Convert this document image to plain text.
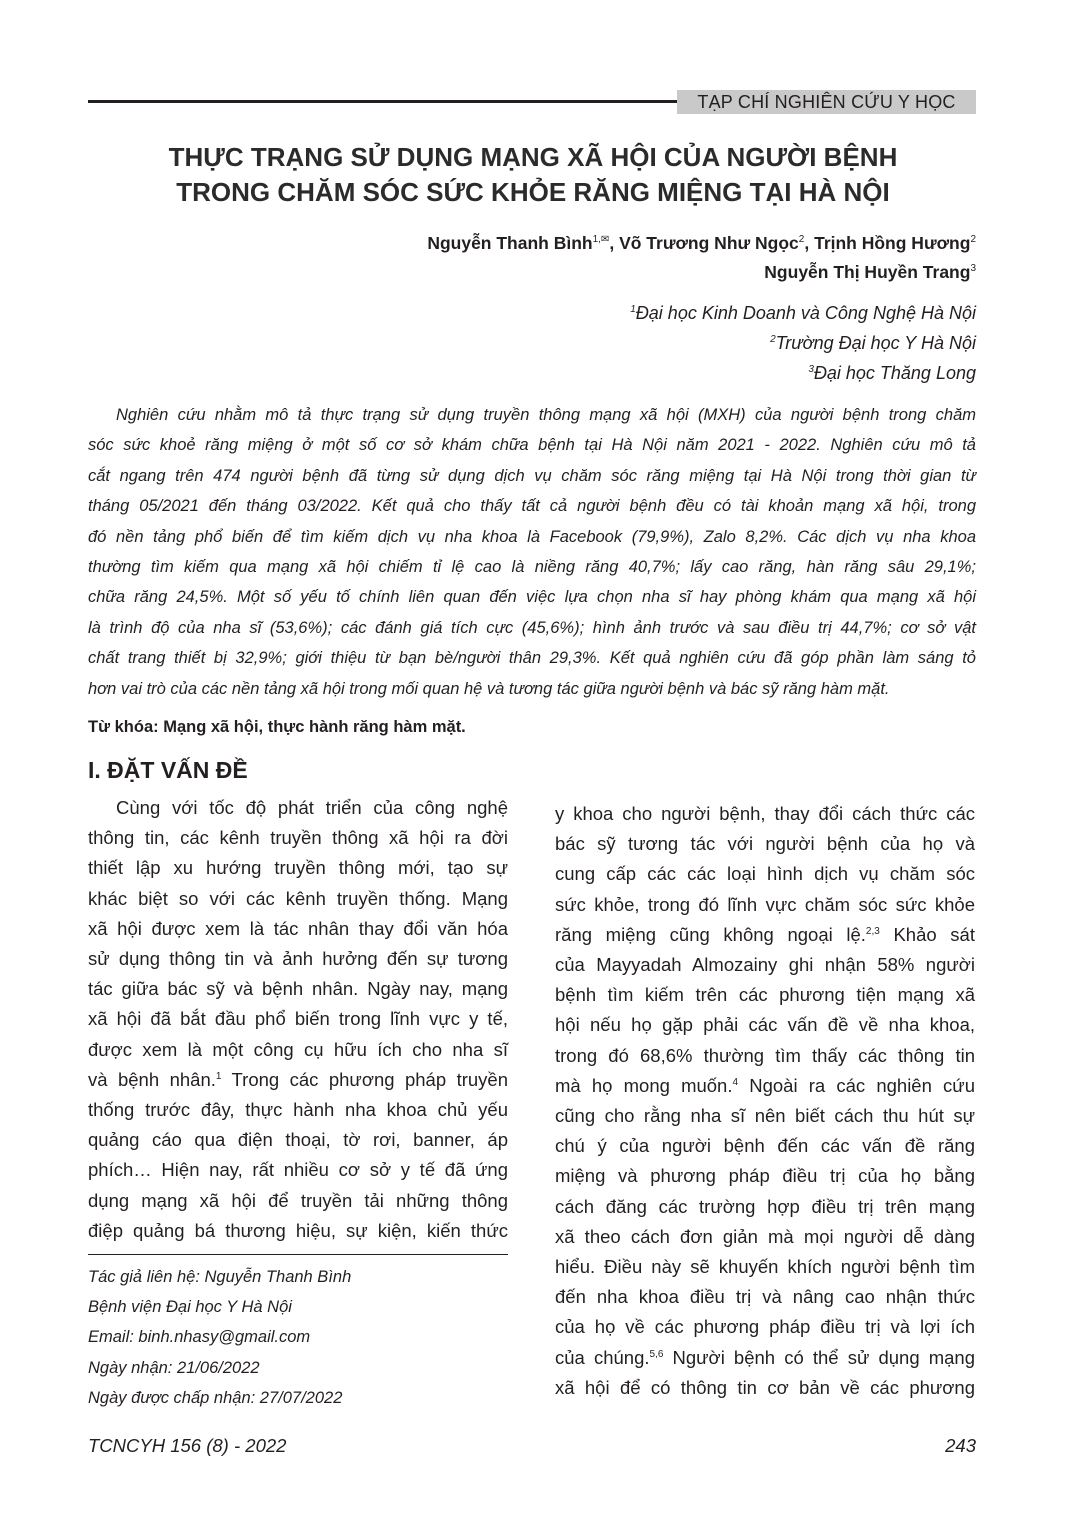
TẠP CHÍ NGHIÊN CỨU Y HỌC
THỰC TRẠNG SỬ DỤNG MẠNG XÃ HỘI CỦA NGƯỜI BỆNH
TRONG CHĂM SÓC SỨC KHỎE RĂNG MIỆNG TẠI HÀ NỘI
Nguyễn Thanh Bình$^{1,✉}$, Võ Trương Như Ngọc$^2$, Trịnh Hồng Hương$^2$
Nguyễn Thị Huyền Trang$^3$
$^1$Đại học Kinh Doanh và Công Nghệ Hà Nội
$^2$Trường Đại học Y Hà Nội
$^3$Đại học Thăng Long
Nghiên cứu nhằm mô tả thực trạng sử dụng truyền thông mạng xã hội (MXH) của người bệnh trong chăm
sóc sức khoẻ răng miệng ở một số cơ sở khám chữa bệnh tại Hà Nội năm 2021 - 2022. Nghiên cứu mô tả
cắt ngang trên 474 người bệnh đã từng sử dụng dịch vụ chăm sóc răng miệng tại Hà Nội trong thời gian từ
tháng 05/2021 đến tháng 03/2022. Kết quả cho thấy tất cả người bệnh đều có tài khoản mạng xã hội, trong
đó nền tảng phổ biến để tìm kiếm dịch vụ nha khoa là Facebook (79,9%), Zalo 8,2%. Các dịch vụ nha khoa
thường tìm kiếm qua mạng xã hội chiếm tỉ lệ cao là niềng răng 40,7%; lấy cao răng, hàn răng sâu 29,1%;
chữa răng 24,5%. Một số yếu tố chính liên quan đến việc lựa chọn nha sĩ hay phòng khám qua mạng xã hội
là trình độ của nha sĩ (53,6%); các đánh giá tích cực (45,6%); hình ảnh trước và sau điều trị 44,7%; cơ sở vật
chất trang thiết bị 32,9%; giới thiệu từ bạn bè/người thân 29,3%. Kết quả nghiên cứu đã góp phần làm sáng tỏ
hơn vai trò của các nền tảng xã hội trong mối quan hệ và tương tác giữa người bệnh và bác sỹ răng hàm mặt.
Từ khóa: Mạng xã hội, thực hành răng hàm mặt.
I. ĐẶT VẤN ĐỀ
Cùng với tốc độ phát triển của công nghệ
thông tin, các kênh truyền thông xã hội ra đời
thiết lập xu hướng truyền thông mới, tạo sự
khác biệt so với các kênh truyền thống. Mạng
xã hội được xem là tác nhân thay đổi văn hóa
sử dụng thông tin và ảnh hưởng đến sự tương
tác giữa bác sỹ và bệnh nhân. Ngày nay, mạng
xã hội đã bắt đầu phổ biến trong lĩnh vực y tế,
được xem là một công cụ hữu ích cho nha sĩ
và bệnh nhân.$^1$ Trong các phương pháp truyền
thống trước đây, thực hành nha khoa chủ yếu
quảng cáo qua điện thoại, tờ rơi, banner, áp
phích… Hiện nay, rất nhiều cơ sở y tế đã ứng
dụng mạng xã hội để truyền tải những thông
điệp quảng bá thương hiệu, sự kiện, kiến thức
Tác giả liên hệ: Nguyễn Thanh Bình
Bệnh viện Đại học Y Hà Nội
Email: binh.nhasy@gmail.com
Ngày nhận: 21/06/2022
Ngày được chấp nhận: 27/07/2022
y khoa cho người bệnh, thay đổi cách thức các
bác sỹ tương tác với người bệnh của họ và
cung cấp các các loại hình dịch vụ chăm sóc
sức khỏe, trong đó lĩnh vực chăm sóc sức khỏe
răng miệng cũng không ngoại lệ.$^{2,3}$ Khảo sát
của Mayyadah Almozainy ghi nhận 58% người
bệnh tìm kiếm trên các phương tiện mạng xã
hội nếu họ gặp phải các vấn đề về nha khoa,
trong đó 68,6% thường tìm thấy các thông tin
mà họ mong muốn.$^4$ Ngoài ra các nghiên cứu
cũng cho rằng nha sĩ nên biết cách thu hút sự
chú ý của người bệnh đến các vấn đề răng
miệng và phương pháp điều trị của họ bằng
cách đăng các trường hợp điều trị trên mạng
xã theo cách đơn giản mà mọi người dễ dàng
hiểu. Điều này sẽ khuyến khích người bệnh tìm
đến nha khoa điều trị và nâng cao nhận thức
của họ về các phương pháp điều trị và lợi ích
của chúng.$^{5,6}$ Người bệnh có thể sử dụng mạng
xã hội để có thông tin cơ bản về các phương
TCNCYH 156 (8) - 2022	243
